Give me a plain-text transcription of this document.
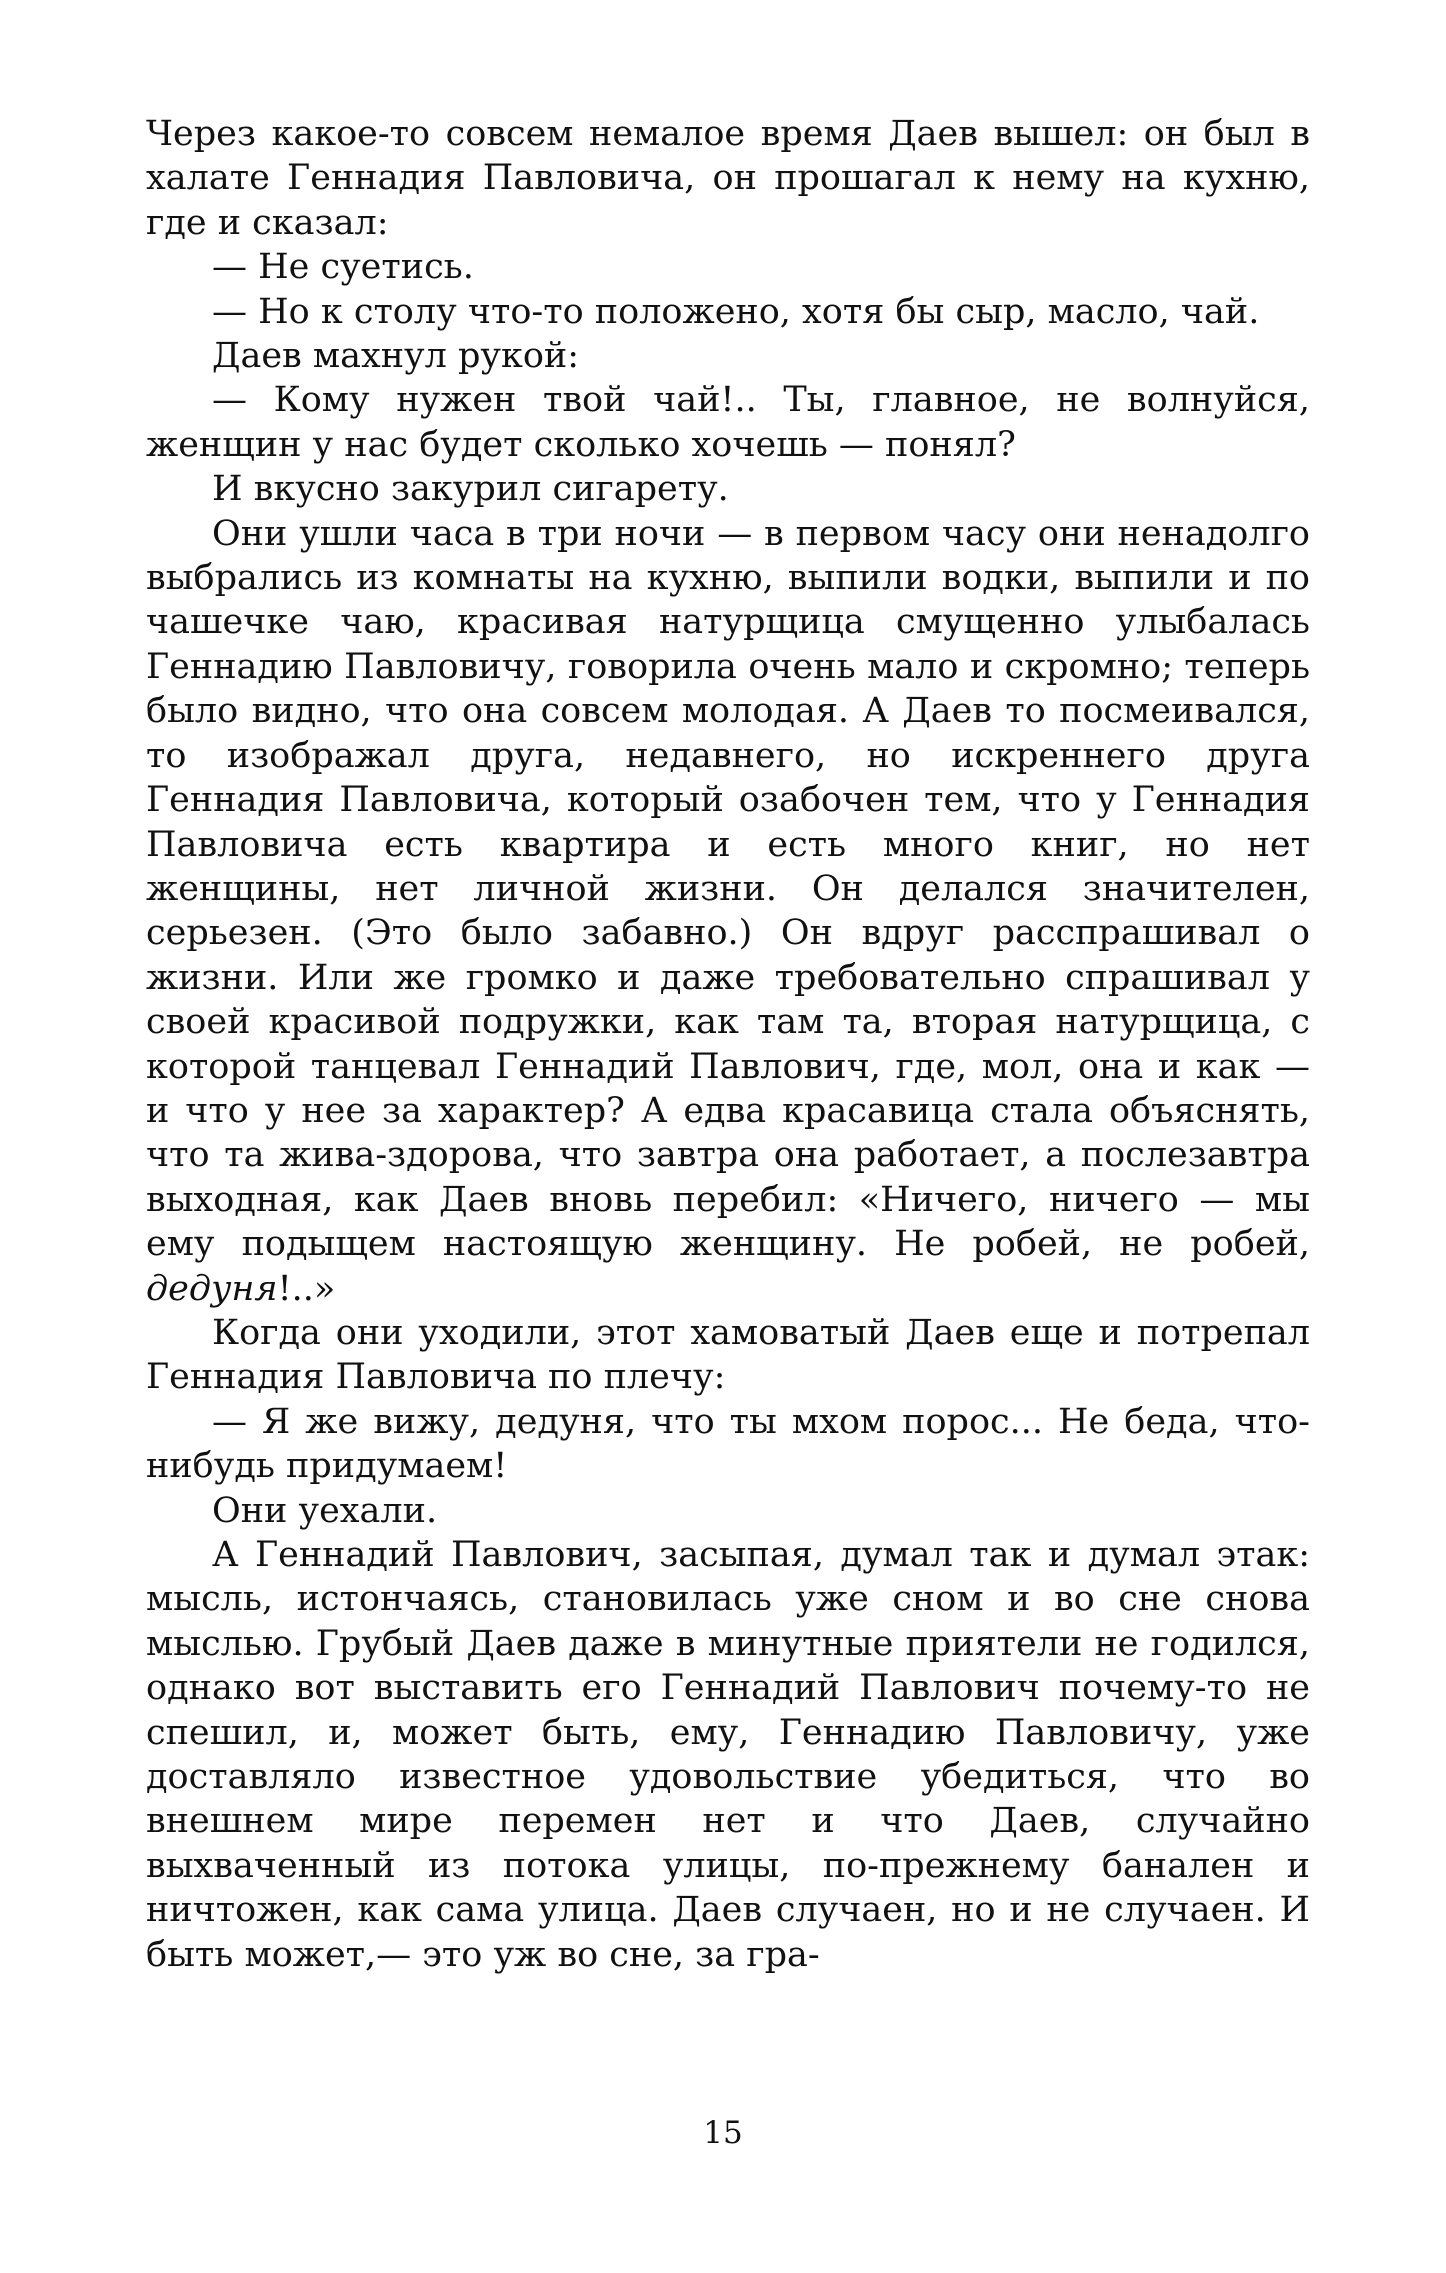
Через какое-то совсем немалое время Даев вышел: он был в халате Геннадия Павловича, он прошагал к нему на кухню, где и сказал:

— Не суетись.

— Но к столу что-то положено, хотя бы сыр, масло, чай.

Даев махнул рукой:

— Кому нужен твой чай!.. Ты, главное, не волнуйся, женщин у нас будет сколько хочешь — понял?

И вкусно закурил сигарету.

Они ушли часа в три ночи — в первом часу они ненадолго выбрались из комнаты на кухню, выпили водки, выпили и по чашечке чаю, красивая натурщица смущенно улыбалась Геннадию Павловичу, говорила очень мало и скромно; теперь было видно, что она совсем молодая. А Даев то посмеивался, то изображал друга, недавнего, но искреннего друга Геннадия Павловича, который озабочен тем, что у Геннадия Павловича есть квартира и есть много книг, но нет женщины, нет личной жизни. Он делался значителен, серьезен. (Это было забавно.) Он вдруг расспрашивал о жизни. Или же громко и даже требовательно спрашивал у своей красивой подружки, как там та, вторая натурщица, с которой танцевал Геннадий Павлович, где, мол, она и как — и что у нее за характер? А едва красавица стала объяснять, что та жива-здорова, что завтра она работает, а послезавтра выходная, как Даев вновь перебил: «Ничего, ничего — мы ему подыщем настоящую женщину. Не робей, не робей, дедуня!..»

Когда они уходили, этот хамоватый Даев еще и потрепал Геннадия Павловича по плечу:

— Я же вижу, дедуня, что ты мхом порос... Не беда, что-нибудь придумаем!

Они уехали.

А Геннадий Павлович, засыпая, думал так и думал этак: мысль, истончаясь, становилась уже сном и во сне снова мыслью. Грубый Даев даже в минутные приятели не годился, однако вот выставить его Геннадий Павлович почему-то не спешил, и, может быть, ему, Геннадию Павловичу, уже доставляло известное удовольствие убедиться, что во внешнем мире перемен нет и что Даев, случайно выхваченный из потока улицы, по-прежнему банален и ничтожен, как сама улица. Даев случаен, но и не случаен. И быть может,— это уж во сне, за гра-

15
